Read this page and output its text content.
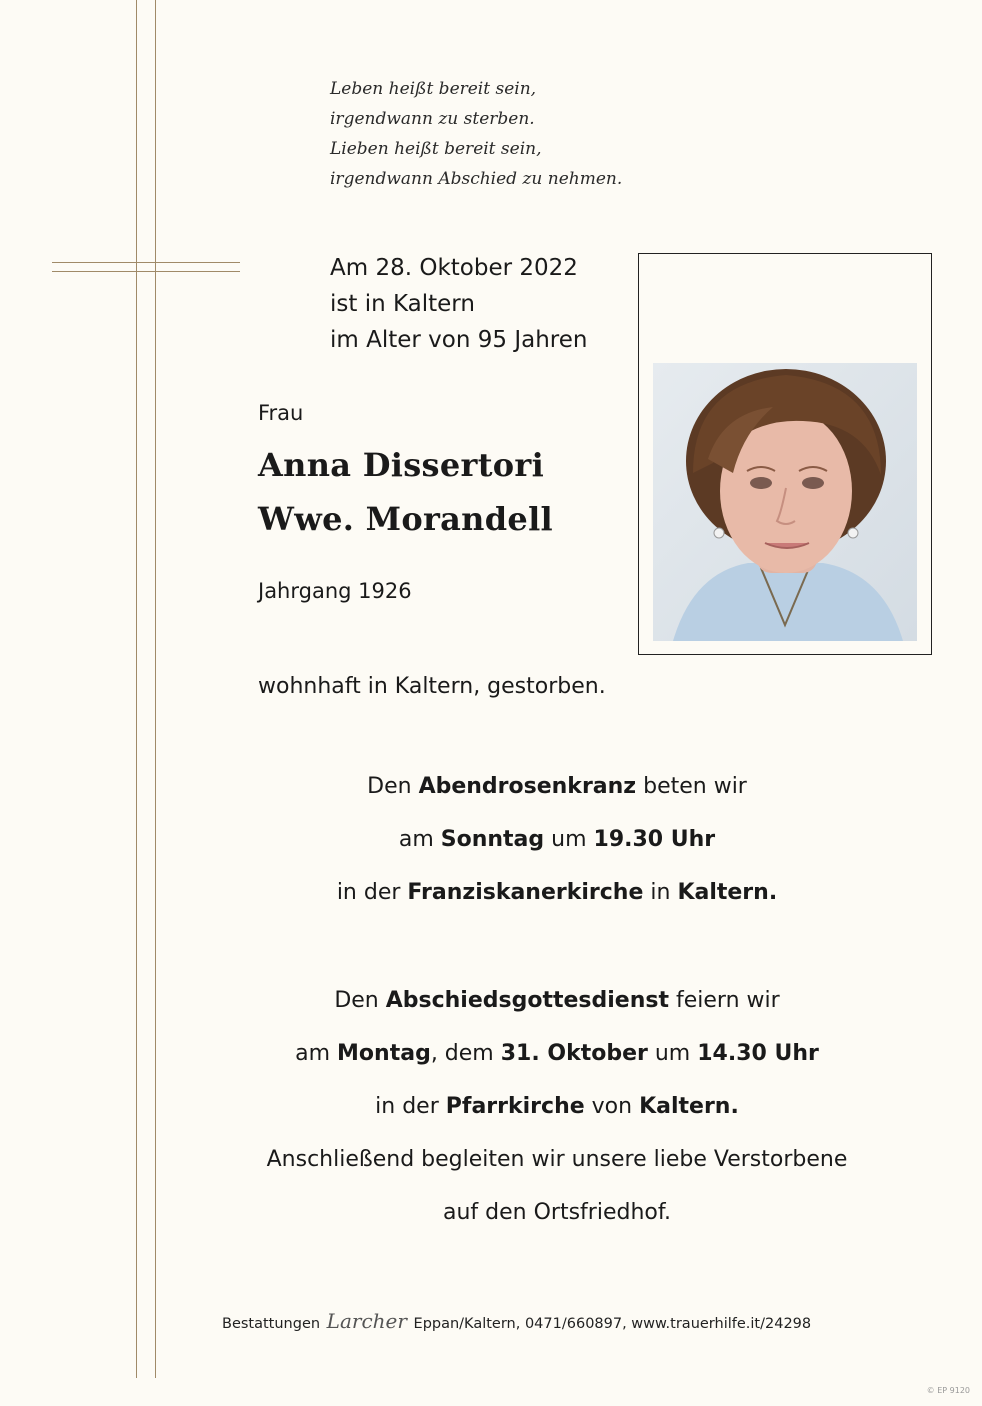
Leben heißt bereit sein,
irgendwann zu sterben.
Lieben heißt bereit sein,
irgendwann Abschied zu nehmen.
Am 28. Oktober 2022
ist in Kaltern
im Alter von 95 Jahren
Frau
Anna Dissertori
Wwe. Morandell
Jahrgang 1926
wohnhaft in Kaltern, gestorben.
Den Abendrosenkranz beten wir
am Sonntag um 19.30 Uhr
in der Franziskanerkirche in Kaltern.
Den Abschiedsgottesdienst feiern wir
am Montag, dem 31. Oktober um 14.30 Uhr
in der Pfarrkirche von Kaltern.
Anschließend begleiten wir unsere liebe Verstorbene
auf den Ortsfriedhof.
Bestattungen Larcher Eppan/Kaltern, 0471/660897, www.trauerhilfe.it/24298
© EP 9120
